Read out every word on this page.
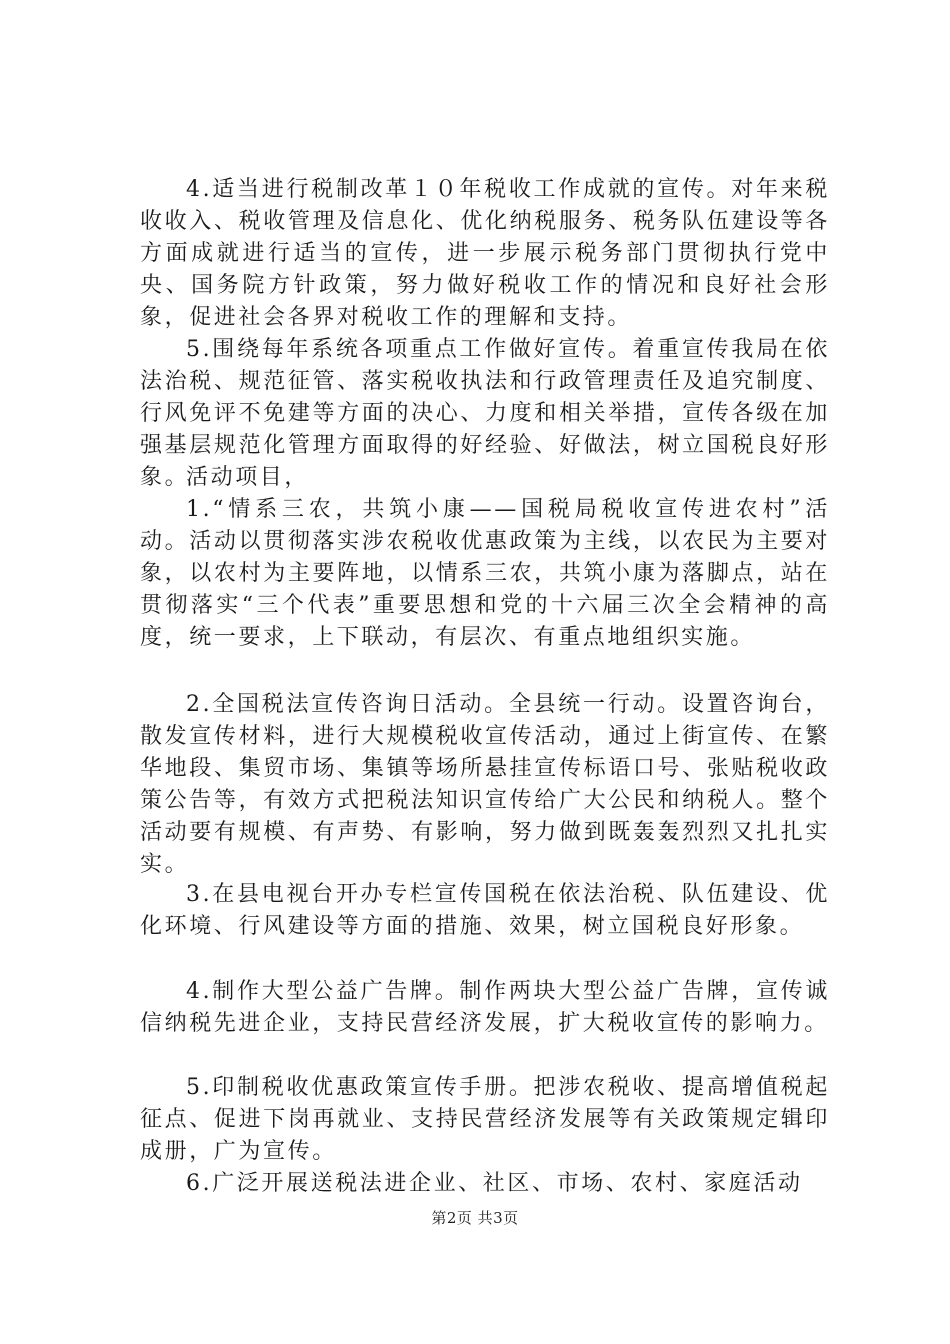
4.适当进行税制改革１０年税收工作成就的宣传。对年来税收收入、税收管理及信息化、优化纳税服务、税务队伍建设等各方面成就进行适当的宣传，进一步展示税务部门贯彻执行党中央、国务院方针政策，努力做好税收工作的情况和良好社会形象，促进社会各界对税收工作的理解和支持。

5.围绕每年系统各项重点工作做好宣传。着重宣传我局在依法治税、规范征管、落实税收执法和行政管理责任及追究制度、行风免评不免建等方面的决心、力度和相关举措，宣传各级在加强基层规范化管理方面取得的好经验、好做法，树立国税良好形象。

活动项目，

1.“情系三农，共筑小康——国税局税收宣传进农村”活动。活动以贯彻落实涉农税收优惠政策为主线，以农民为主要对象，以农村为主要阵地，以情系三农，共筑小康为落脚点，站在贯彻落实“三个代表”重要思想和党的十六届三次全会精神的高度，统一要求，上下联动，有层次、有重点地组织实施。

2.全国税法宣传咨询日活动。全县统一行动。设置咨询台，散发宣传材料，进行大规模税收宣传活动，通过上街宣传、在繁华地段、集贸市场、集镇等场所悬挂宣传标语口号、张贴税收政策公告等，有效方式把税法知识宣传给广大公民和纳税人。整个活动要有规模、有声势、有影响，努力做到既轰轰烈烈又扎扎实实。

3.在县电视台开办专栏宣传国税在依法治税、队伍建设、优化环境、行风建设等方面的措施、效果，树立国税良好形象。

4.制作大型公益广告牌。制作两块大型公益广告牌，宣传诚信纳税先进企业，支持民营经济发展，扩大税收宣传的影响力。

5.印制税收优惠政策宣传手册。把涉农税收、提高增值税起征点、促进下岗再就业、支持民营经济发展等有关政策规定辑印成册，广为宣传。

6.广泛开展送税法进企业、社区、市场、农村、家庭活动

第2页 共3页
